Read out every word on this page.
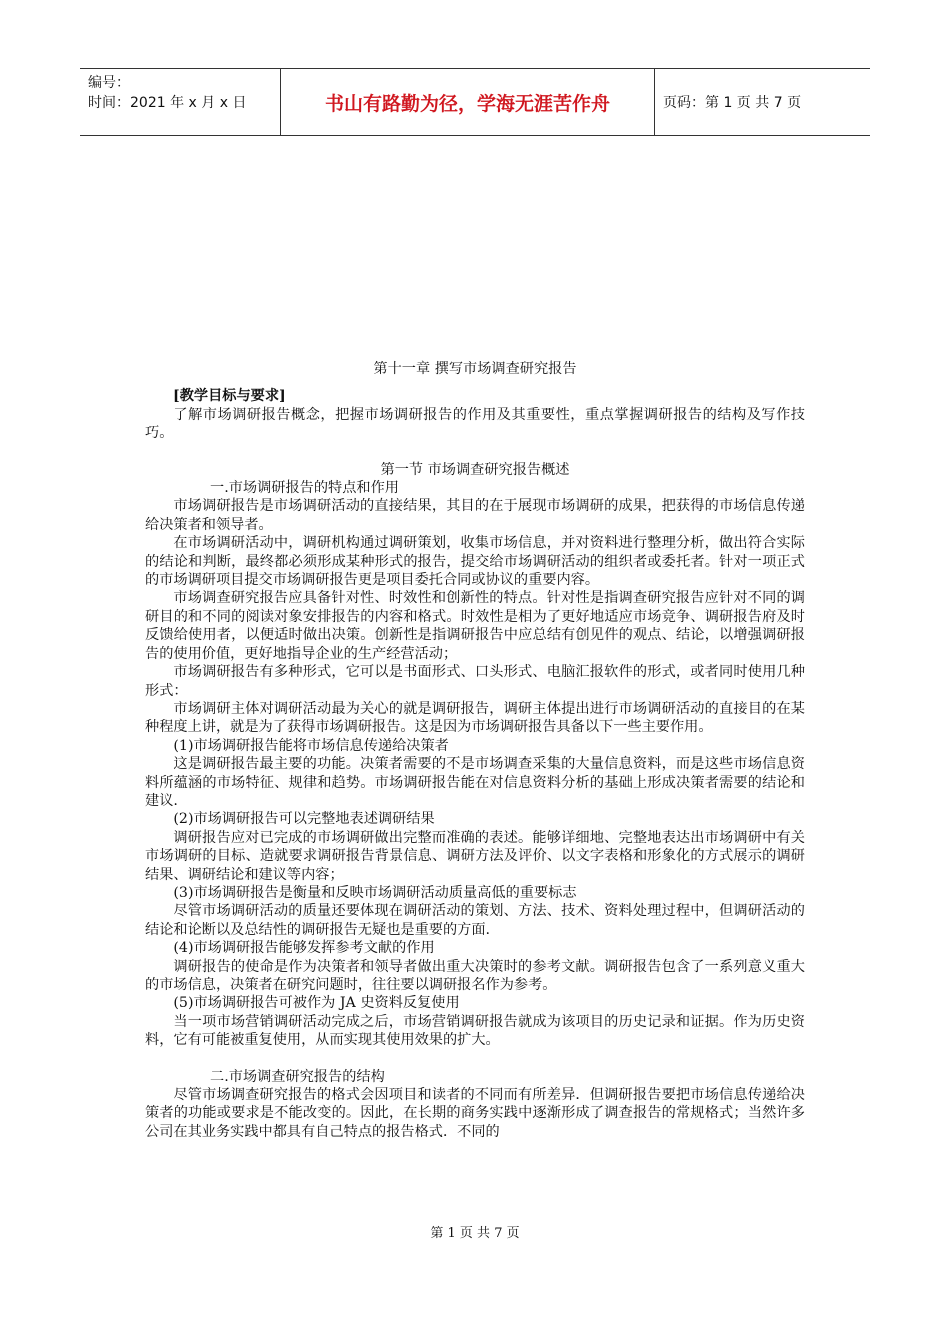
编号：
时间：2021 年 x 月 x 日	书山有路勤为径，学海无涯苦作舟	页码：第 1 页 共 7 页
第十一章 撰写市场调查研究报告
[教学目标与要求]

了解市场调研报告概念，把握市场调研报告的作用及其重要性，重点掌握调研报告的结构及写作技巧。

第一节 市场调查研究报告概述
一.市场调研报告的特点和作用

市场调研报告是市场调研活动的直接结果，其目的在于展现市场调研的成果，把获得的市场信息传递给决策者和领导者。

在市场调研活动中，调研机构通过调研策划，收集市场信息，并对资料进行整理分析，做出符合实际的结论和判断，最终都必须形成某种形式的报告，提交给市场调研活动的组织者或委托者。针对一项正式的市场调研项目提交市场调研报告更是项目委托合同或协议的重要内容。

市场调查研究报告应具备针对性、时效性和创新性的特点。针对性是指调查研究报告应针对不同的调研目的和不同的阅读对象安排报告的内容和格式。时效性是相为了更好地适应市场竞争、调研报告府及时反馈给使用者，以便适时做出决策。创新性是指调研报告中应总结有创见件的观点、结论，以增强调研报告的使用价值，更好地指导企业的生产经营活动；

市场调研报告有多种形式，它可以是书面形式、口头形式、电脑汇报软件的形式，或者同时使用几种形式：

市场调研主体对调研活动最为关心的就是调研报告，调研主体提出进行市场调研活动的直接目的在某种程度上讲，就是为了获得市场调研报告。这是因为市场调研报告具备以下一些主要作用。

(1)市场调研报告能将市场信息传递给决策者

这是调研报告最主要的功能。决策者需要的不是市场调查采集的大量信息资料，而是这些市场信息资料所蕴涵的市场特征、规律和趋势。市场调研报告能在对信息资料分析的基础上形成决策者需要的结论和建议.

(2)市场调研报告可以完整地表述调研结果

调研报告应对已完成的市场调研做出完整而准确的表述。能够详细地、完整地表达出市场调研中有关市场调研的目标、造就要求调研报告背景信息、调研方法及评价、以文字表格和形象化的方式展示的调研结果、调研结论和建议等内容；

(3)市场调研报告是衡量和反映市场调研活动质量高低的重要标志

尽管市场调研活动的质量还要体现在调研活动的策划、方法、技术、资料处理过程中，但调研活动的结论和论断以及总结性的调研报告无疑也是重要的方面.

(4)市场调研报告能够发挥参考文献的作用

调研报告的使命是作为决策者和领导者做出重大决策时的参考文献。调研报告包含了一系列意义重大的市场信息，决策者在研究问题时，往往要以调研报名作为参考。

(5)市场调研报告可被作为 JA 史资料反复使用

当一项市场营销调研活动完成之后，市场营销调研报告就成为该项目的历史记录和证据。作为历史资料，它有可能被重复使用，从而实现其使用效果的扩大。

二.市场调查研究报告的结构

尽管市场调查研究报告的格式会因项目和读者的不同而有所差异．但调研报告要把市场信息传递给决策者的功能或要求是不能改变的。因此，在长期的商务实践中逐渐形成了调查报告的常规格式；当然许多公司在其业务实践中都具有自己特点的报告格式．不同的

第 1 页 共 7 页
